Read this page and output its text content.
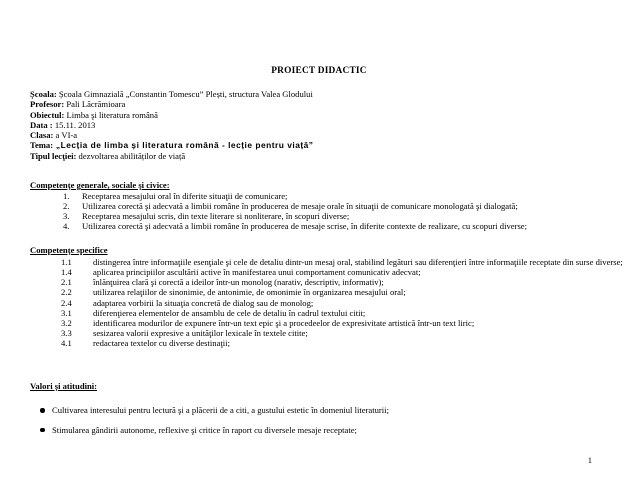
PROIECT DIDACTIC
Școala: Școala Gimnazială „Constantin Tomescu” Plești, structura Valea Glodului
Profesor: Pali Lăcrămioara
Obiectul: Limba şi literatura română
Data : 15.11. 2013
Clasa: a VI-a
Tema: „Lecția de limba și literatura română - lecție pentru viață”
Tipul lecţiei: dezvoltarea abilităților de viață
Competenţe generale, sociale şi civice:
1.	Receptarea mesajului oral în diferite situaţii de comunicare;
2.	Utilizarea corectă şi adecvată a limbii române în producerea de mesaje orale în situaţii de comunicare monologată şi dialogată;
3.	Receptarea mesajului scris, din texte literare si nonliterare, în scopuri diverse;
4.	Utilizarea corectă şi adecvată a limbii române în producerea de mesaje scrise, în diferite contexte de realizare, cu scopuri diverse;
Competenţe specifice
1.1	distingerea între informaţiile esenţiale şi cele de detaliu dintr-un mesaj oral, stabilind legături sau diferenţieri între informaţiile receptate din surse diverse;
1.4	aplicarea principiilor ascultării active în manifestarea unui comportament comunicativ adecvat;
2.1	înlănţuirea clară şi corectă a ideilor într-un monolog (narativ, descriptiv, informativ);
2.2	utilizarea relaţiilor de sinonimie, de antonimie, de omonimie în organizarea mesajului oral;
2.4	adaptarea vorbirii la situaţia concretă de dialog sau de monolog;
3.1	diferenţierea elementelor de ansamblu de cele de detaliu în cadrul textului citit;
3.2	identificarea modurilor de expunere într-un text epic şi a procedeelor de expresivitate artistică într-un text liric;
3.3	sesizarea valorii expresive a unităţilor lexicale în textele citite;
4.1	redactarea textelor cu diverse destinaţii;
Valori şi atitudini:
Cultivarea interesului pentru lectură şi a plăcerii de a citi, a gustului estetic în domeniul literaturii;
Stimularea gândirii autonome, reflexive şi critice în raport cu diversele mesaje receptate;
1
